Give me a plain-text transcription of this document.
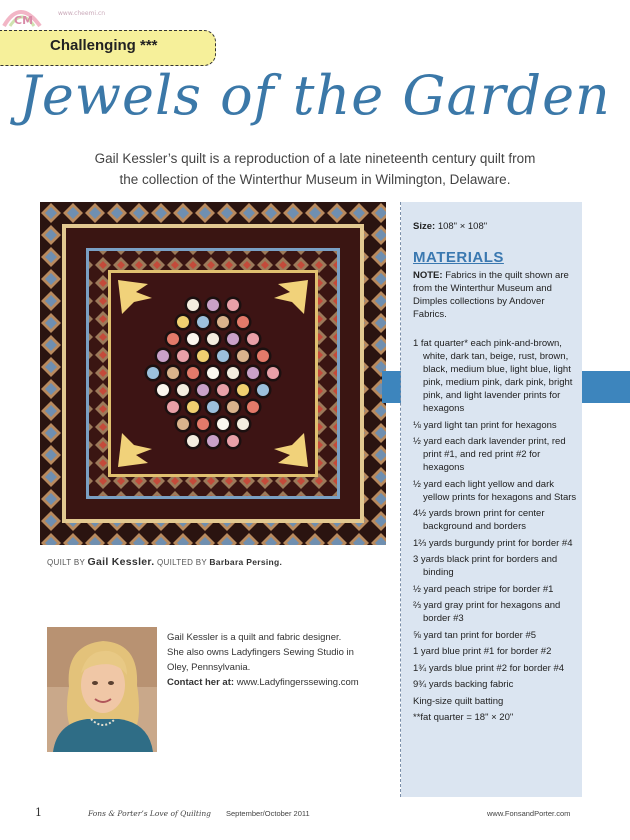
CM
www.cheemi.cn
Challenging ***
Jewels of the Garden
Gail Kessler’s quilt is a reproduction of a late nineteenth century quilt from
the collection of the Winterthur Museum in Wilmington, Delaware.
Size: 108" × 108"
MATERIALS
NOTE: Fabrics in the quilt shown are from the Winterthur Museum and Dimples collections by Andover Fabrics.
1 fat quarter* each pink-and-brown, white, dark tan, beige, rust, brown, black, medium blue, light blue, light pink, medium pink, dark pink, bright pink, and light lavender prints for hexagons
⅛ yard light tan print for hexagons
½ yard each dark lavender print, red print #1, and red print #2 for hexagons
½ yard each light yellow and dark yellow prints for hexagons and Stars
4½ yards brown print for center background and borders
1⅔ yards burgundy print for border #4
3 yards black print for borders and binding
½ yard peach stripe for border #1
⅔ yard gray print for hexagons and border #3
⅝ yard tan print for border #5
1 yard blue print #1 for border #2
1¾ yards blue print #2 for border #4
9¾ yards backing fabric
King-size quilt batting
**fat quarter = 18" × 20"
QUILT BY Gail Kessler. QUILTED BY Barbara Persing.
Gail Kessler is a quilt and fabric designer.
She also owns Ladyfingers Sewing Studio in
Oley, Pennsylvania.
Contact her at: www.Ladyfingerssewing.com
1	Fons & Porter’s Love of Quilting September/October 2011	www.FonsandPorter.com
